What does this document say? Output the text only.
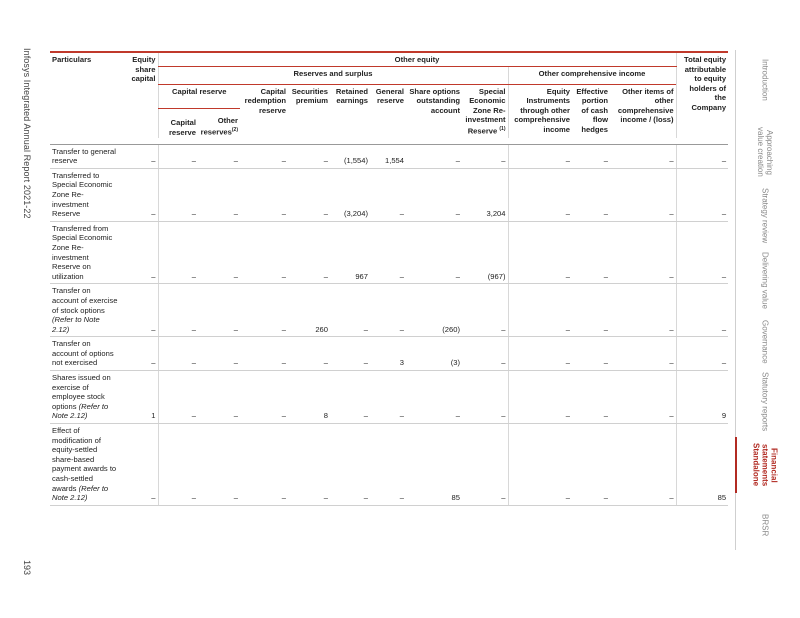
Infosys Integrated Annual Report 2021-22
193
Introduction
Approaching value creation
Strategy review
Delivering value
Governance
Statutory reports
Financial statements Standalone
BRSR
Particulars	Equity share capital	Other equity											Total equity attributable to equity holders of the Company
		Reserves and surplus								Other comprehensive income			
		Capital reserve		Capital redemption reserve	Securities premium	Retained earnings	General reserve	Share options outstanding account	Special Economic Zone Re-investment Reserve $^{(1)}$	Equity Instruments through other comprehensive income	Effective portion of cash flow hedges	Other items of other comprehensive income / (loss)	
		Capital reserve	Other reserves$^{(2)}$

Transfer to general reserve	–	–	–	–	–	(1,554)	1,554	–	–	–	–	–	–
Transferred to Special Economic Zone Re-investment Reserve	–	–	–	–	–	(3,204)	–	–	3,204	–	–	–	–
Transferred from Special Economic Zone Re-investment Reserve on utilization	–	–	–	–	–	967	–	–	(967)	–	–	–	–
Transfer on account of exercise of stock options (Refer to Note 2.12)	–	–	–	–	260	–	–	(260)	–	–	–	–	–
Transfer on account of options not exercised	–	–	–	–	–	–	3	(3)	–	–	–	–	–
Shares issued on exercise of employee stock options (Refer to Note 2.12)	1	–	–	–	8	–	–	–	–	–	–	–	9
Effect of modification of equity-settled share-based payment awards to cash-settled awards (Refer to Note 2.12)	–	–	–	–	–	–	–	85	–	–	–	–	85
